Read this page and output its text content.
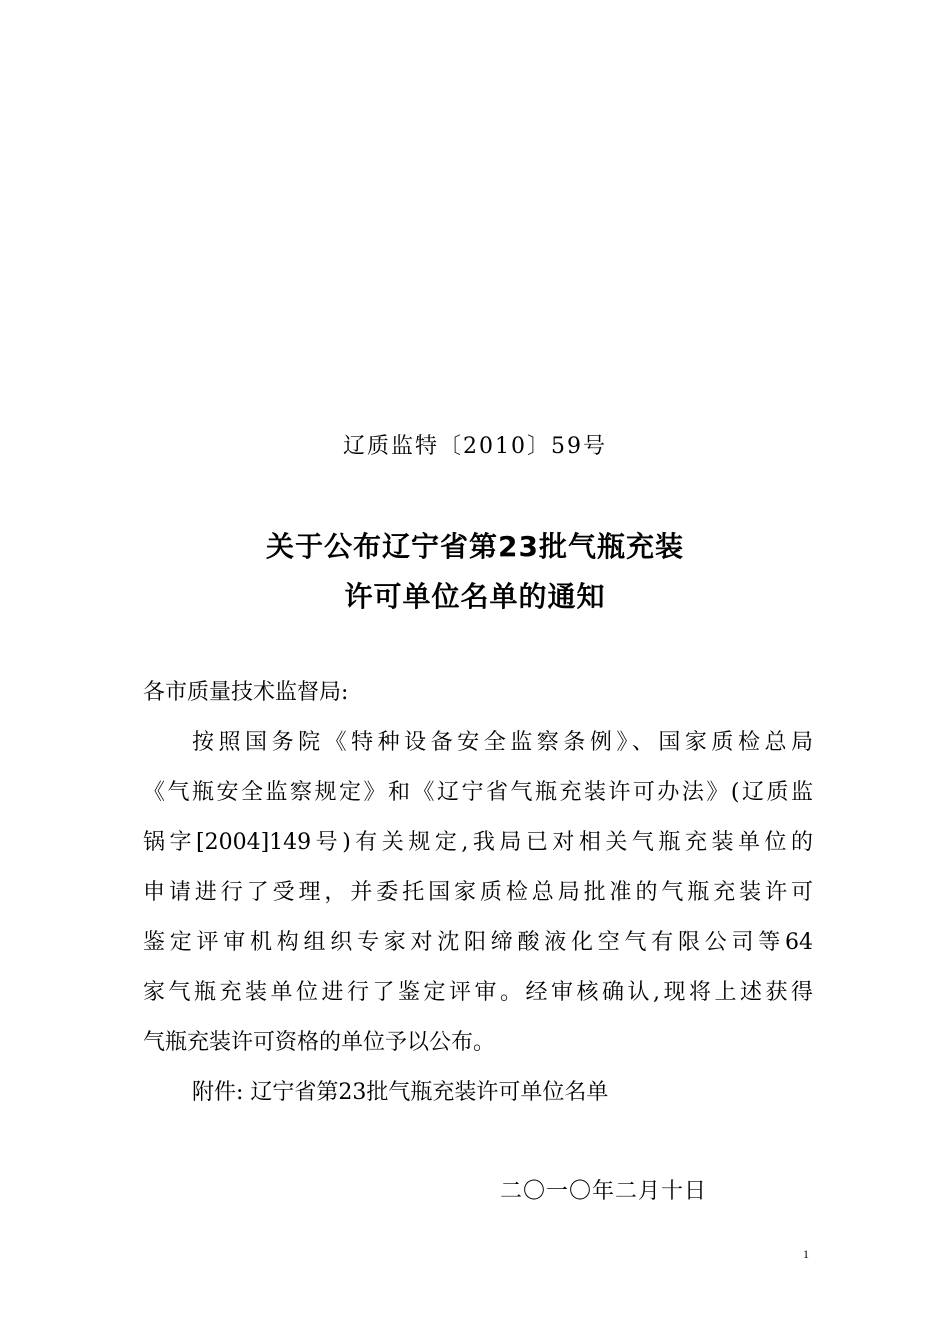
辽质监特〔2010〕59号
关于公布辽宁省第23批气瓶充装
许可单位名单的通知
各市质量技术监督局:
按照国务院《特种设备安全监察条例》、国家质检总局
《气瓶安全监察规定》和《辽宁省气瓶充装许可办法》(辽质监
锅字[2004]149号)有关规定,我局已对相关气瓶充装单位的
申请进行了受理，并委托国家质检总局批准的气瓶充装许可
鉴定评审机构组织专家对沈阳缔酸液化空气有限公司等64
家气瓶充装单位进行了鉴定评审。经审核确认,现将上述获得
气瓶充装许可资格的单位予以公布。
附件: 辽宁省第23批气瓶充装许可单位名单
二〇一〇年二月十日
1
